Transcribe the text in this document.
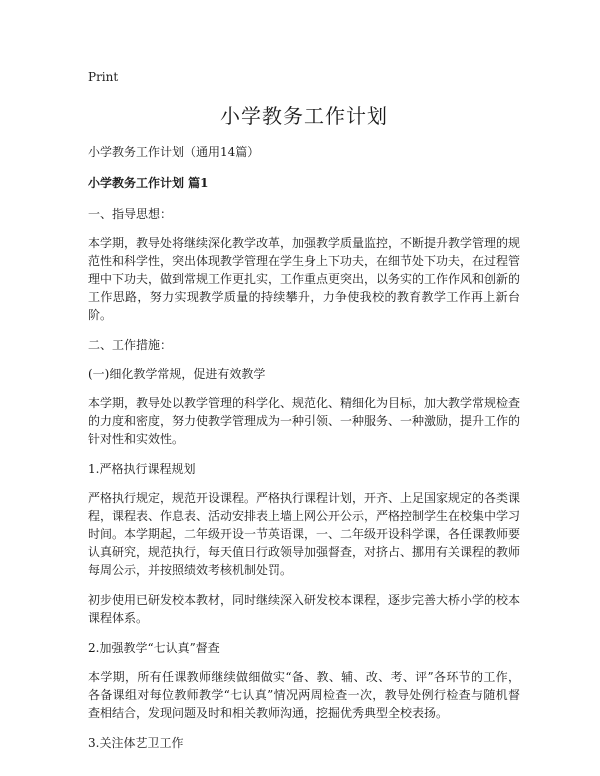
Print
小学教务工作计划
小学教务工作计划（通用14篇）
小学教务工作计划 篇1
一、指导思想：

本学期，教导处将继续深化教学改革，加强教学质量监控，不断提升教学管理的规范性和科学性，突出体现教学管理在学生身上下功夫，在细节处下功夫，在过程管理中下功夫，做到常规工作更扎实，工作重点更突出，以务实的工作作风和创新的工作思路，努力实现教学质量的持续攀升，力争使我校的教育教学工作再上新台阶。

二、工作措施：
(一)细化教学常规，促进有效教学

本学期，教导处以教学管理的科学化、规范化、精细化为目标，加大教学常规检查的力度和密度，努力使教学管理成为一种引领、一种服务、一种激励，提升工作的针对性和实效性。

1.严格执行课程规划

严格执行规定，规范开设课程。严格执行课程计划，开齐、上足国家规定的各类课程，课程表、作息表、活动安排表上墙上网公开公示，严格控制学生在校集中学习时间。本学期起，二年级开设一节英语课，一、二年级开设科学课，各任课教师要认真研究，规范执行，每天值日行政领导加强督查，对挤占、挪用有关课程的教师每周公示，并按照绩效考核机制处罚。

初步使用已研发校本教材，同时继续深入研发校本课程，逐步完善大桥小学的校本课程体系。

2.加强教学“七认真”督查

本学期，所有任课教师继续做细做实“备、教、辅、改、考、评”各环节的工作，各备课组对每位教师教学“七认真”情况两周检查一次，教导处例行检查与随机督查相结合，发现问题及时和相关教师沟通，挖掘优秀典型全校表扬。

3.关注体艺卫工作
